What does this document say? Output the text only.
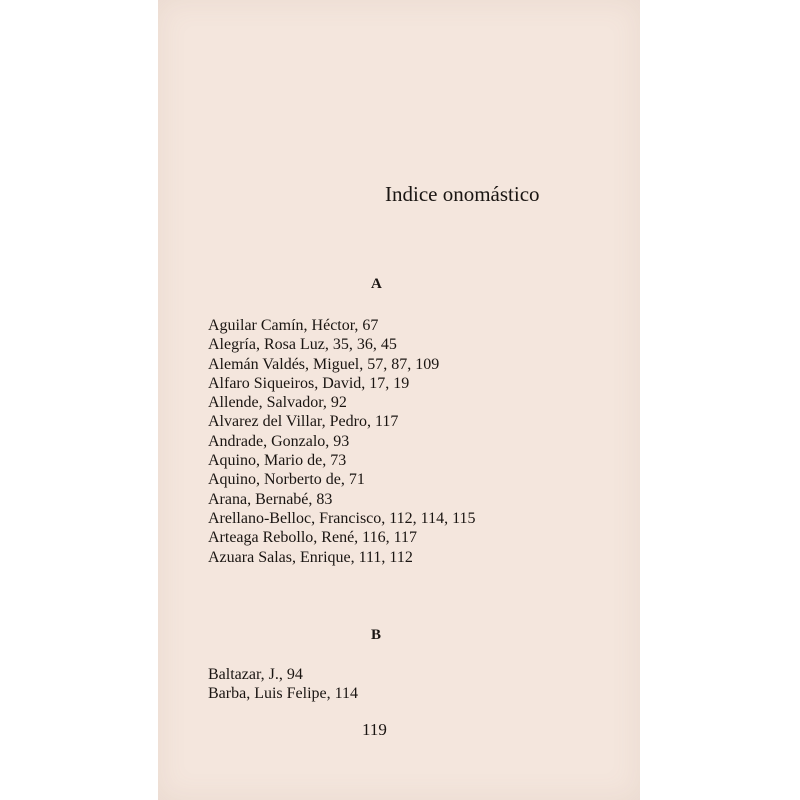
Indice onomástico
A
Aguilar Camín, Héctor, 67
Alegría, Rosa Luz, 35, 36, 45
Alemán Valdés, Miguel, 57, 87, 109
Alfaro Siqueiros, David, 17, 19
Allende, Salvador, 92
Alvarez del Villar, Pedro, 117
Andrade, Gonzalo, 93
Aquino, Mario de, 73
Aquino, Norberto de, 71
Arana, Bernabé, 83
Arellano-Belloc, Francisco, 112, 114, 115
Arteaga Rebollo, René, 116, 117
Azuara Salas, Enrique, 111, 112
B
Baltazar, J., 94
Barba, Luis Felipe, 114
119
